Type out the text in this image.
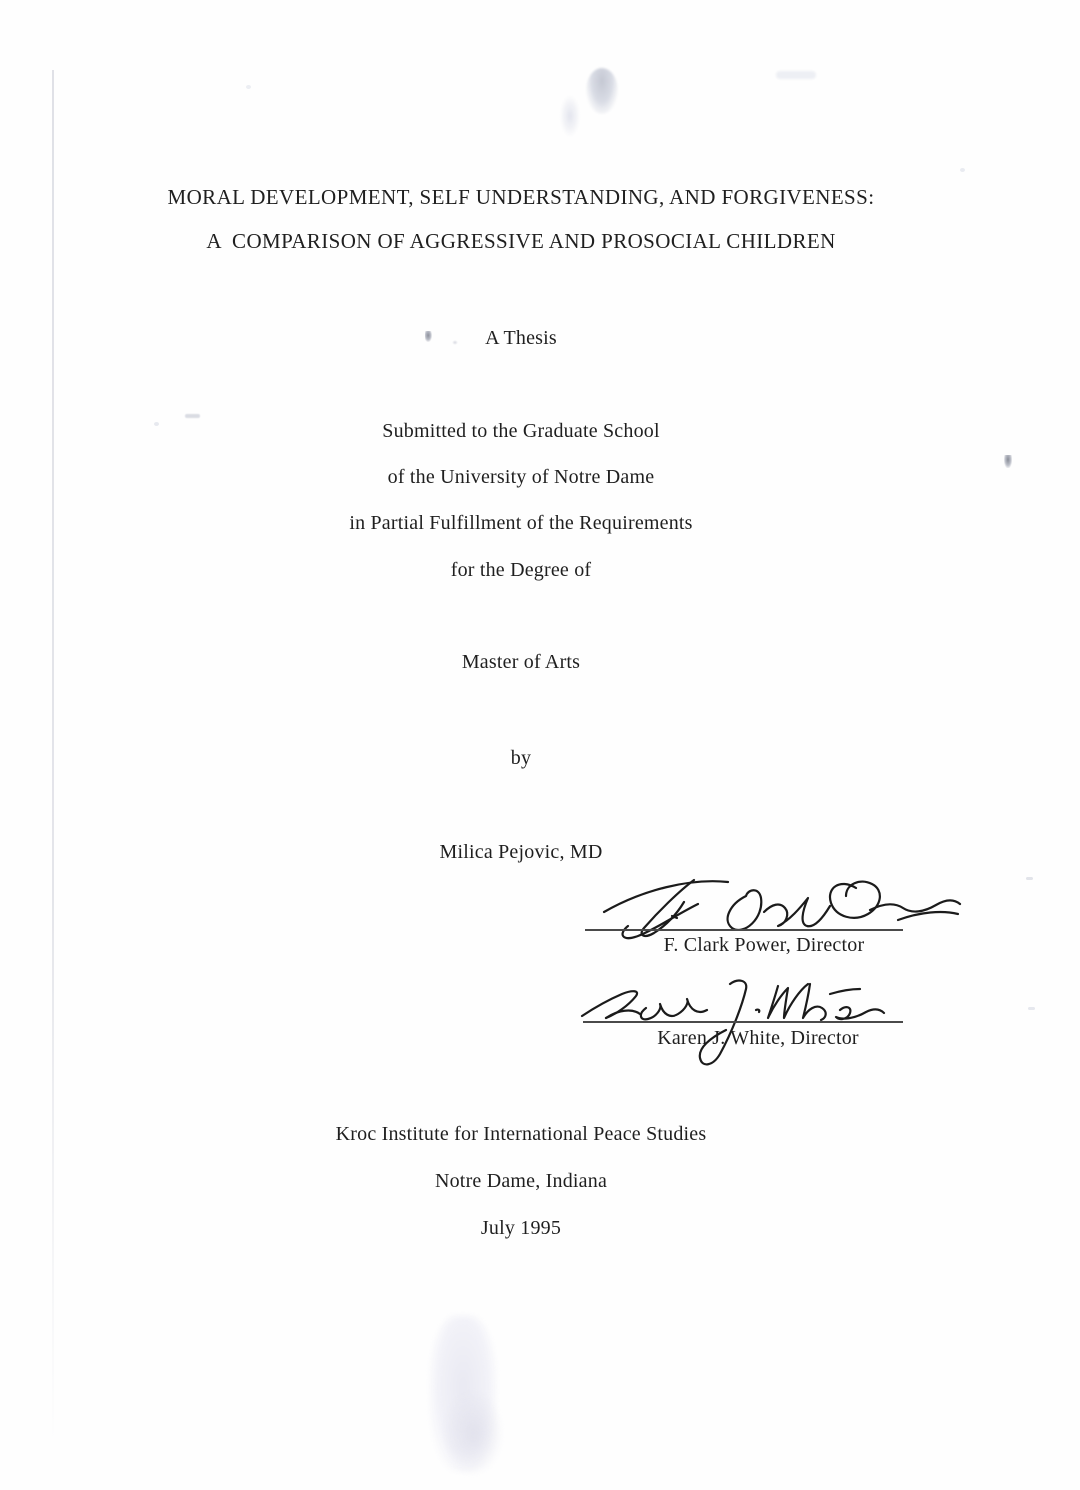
MORAL DEVELOPMENT, SELF UNDERSTANDING, AND FORGIVENESS:

A  COMPARISON OF AGGRESSIVE AND PROSOCIAL CHILDREN

A Thesis

Submitted to the Graduate School

of the University of Notre Dame

in Partial Fulfillment of the Requirements

for the Degree of

Master of Arts

by

Milica Pejovic, MD

F. Clark Power, Director

Karen J. White, Director

Kroc Institute for International Peace Studies

Notre Dame, Indiana

July 1995
